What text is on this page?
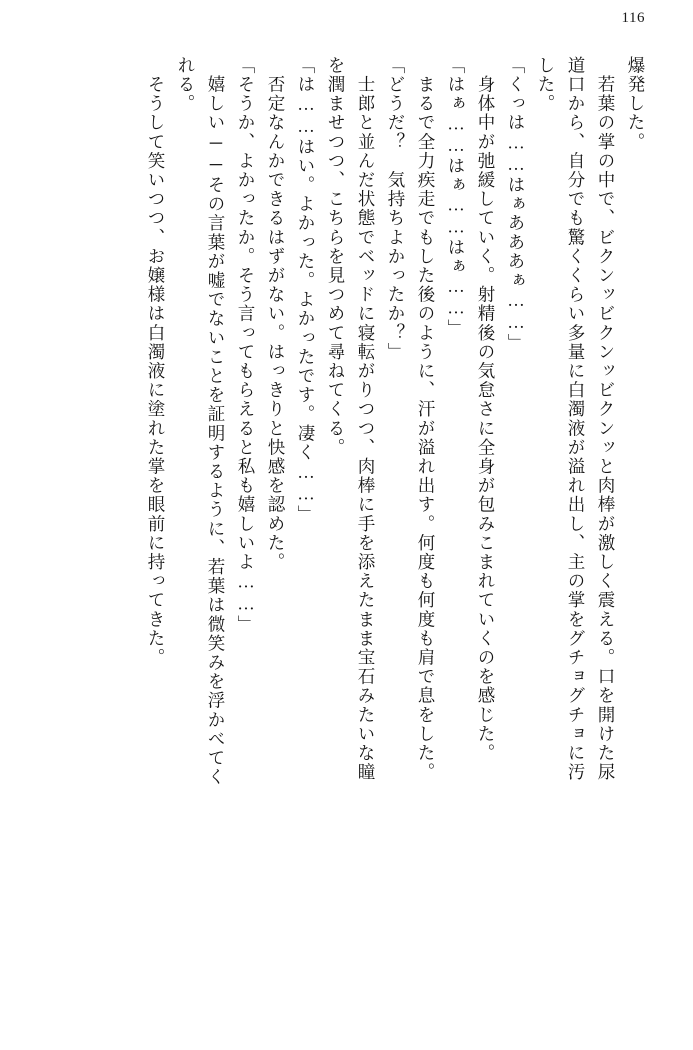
116
爆発した。
　若葉の掌の中で、ビクンッビクンッビクンッと肉棒が激しく震える。口を開けた尿
道口から、自分でも驚くくらい多量に白濁液が溢れ出し、主の掌をグチョグチョに汚
した。
「くっは……はぁあああぁ……」
　身体中が弛緩していく。射精後の気怠さに全身が包みこまれていくのを感じた。
「はぁ……はぁ……はぁ……」
　まるで全力疾走でもした後のように、汗が溢れ出す。何度も何度も肩で息をした。
「どうだ？　気持ちよかったか？」
　士郎と並んだ状態でベッドに寝転がりつつ、肉棒に手を添えたまま宝石みたいな瞳
を潤ませつつ、こちらを見つめて尋ねてくる。
「は……はい。よかった。よかったです。凄く……」
　否定なんかできるはずがない。はっきりと快感を認めた。
「そうか、よかったか。そう言ってもらえると私も嬉しいよ……」
　嬉しい──その言葉が嘘でないことを証明するように、若葉は微笑みを浮かべてく
れる。
　そうして笑いつつ、お嬢様は白濁液に塗れた掌を眼前に持ってきた。
